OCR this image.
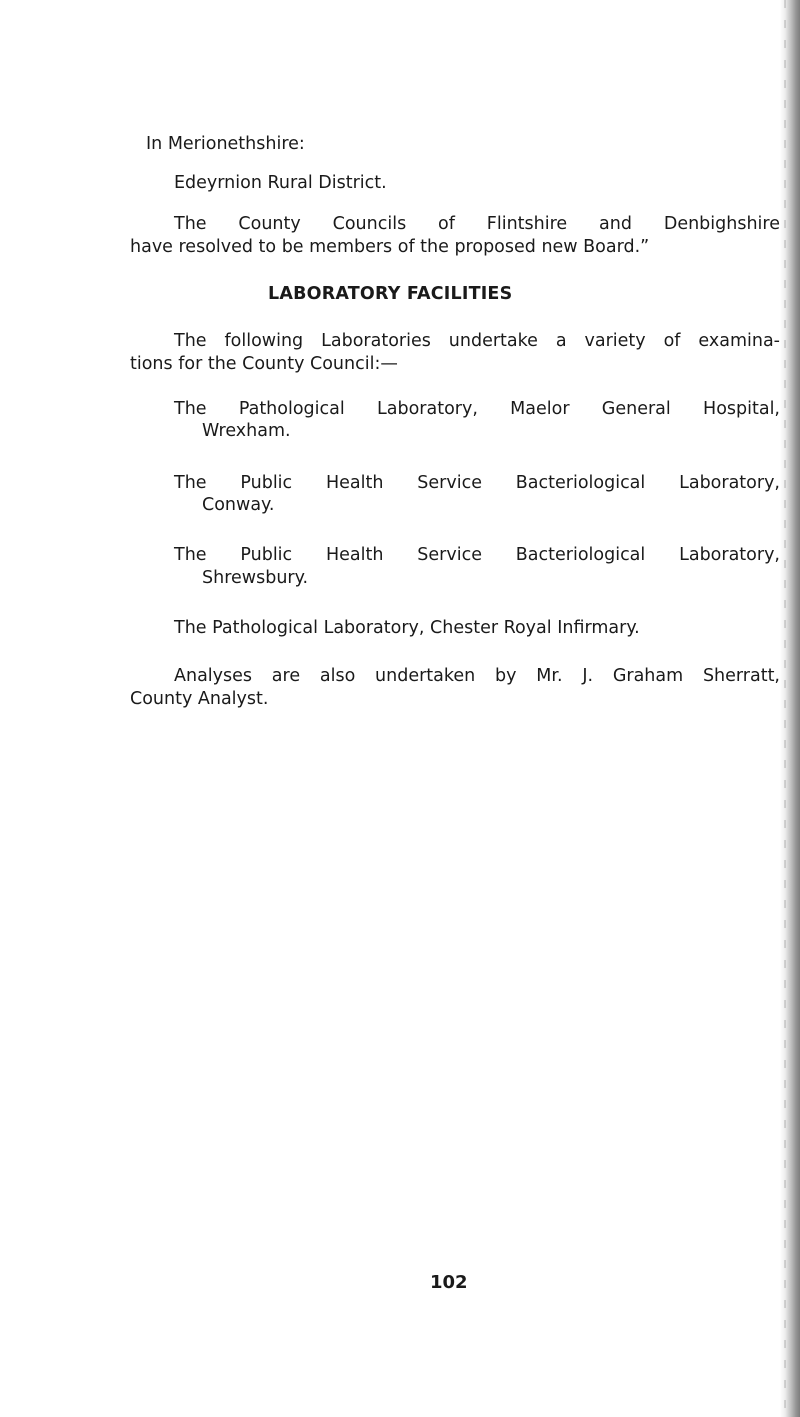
In Merionethshire:

Edeyrnion Rural District.

The County Councils of Flintshire and Denbighshire

have resolved to be members of the proposed new Board.”

LABORATORY FACILITIES

The following Laboratories undertake a variety of examina-

tions for the County Council:—

The Pathological Laboratory, Maelor General Hospital,

Wrexham.

The Public Health Service Bacteriological Laboratory,

Conway.

The Public Health Service Bacteriological Laboratory,

Shrewsbury.

The Pathological Laboratory, Chester Royal Infirmary.

Analyses are also undertaken by Mr. J. Graham Sherratt,

County Analyst.

102
